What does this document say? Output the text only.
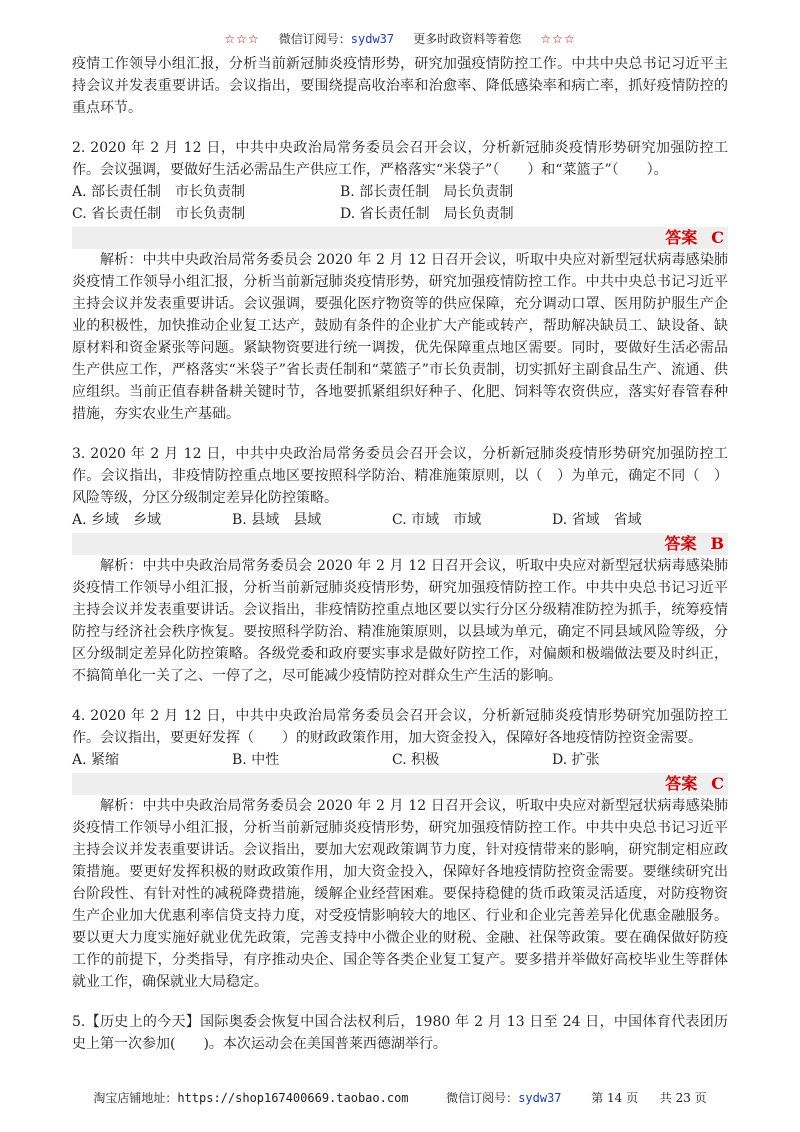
☆☆☆ 微信订阅号：sydw37 更多时政资料等着您 ☆☆☆

疫情工作领导小组汇报，分析当前新冠肺炎疫情形势，研究加强疫情防控工作。中共中央总书记习近平主持会议并发表重要讲话。会议指出，要围绕提高收治率和治愈率、降低感染率和病亡率，抓好疫情防控的重点环节。

2. 2020 年 2 月 12 日，中共中央政治局常务委员会召开会议，分析新冠肺炎疫情形势研究加强防控工作。会议强调，要做好生活必需品生产供应工作，严格落实“米袋子”（　　）和“菜篮子”（　　）。

A. 部长责任制　市长负责制	B. 部长责任制　局长负责制
C. 省长责任制　市长负责制	D. 省长责任制　局长负责制
答案 C

解析：中共中央政治局常务委员会 2020 年 2 月 12 日召开会议，听取中央应对新型冠状病毒感染肺炎疫情工作领导小组汇报，分析当前新冠肺炎疫情形势，研究加强疫情防控工作。中共中央总书记习近平主持会议并发表重要讲话。会议强调，要强化医疗物资等的供应保障，充分调动口罩、医用防护服生产企业的积极性，加快推动企业复工达产，鼓励有条件的企业扩大产能或转产，帮助解决缺员工、缺设备、缺原材料和资金紧张等问题。紧缺物资要进行统一调拨，优先保障重点地区需要。同时，要做好生活必需品生产供应工作，严格落实“米袋子”省长责任制和“菜篮子”市长负责制，切实抓好主副食品生产、流通、供应组织。当前正值春耕备耕关键时节，各地要抓紧组织好种子、化肥、饲料等农资供应，落实好春管春种措施，夯实农业生产基础。

3. 2020 年 2 月 12 日，中共中央政治局常务委员会召开会议，分析新冠肺炎疫情形势研究加强防控工作。会议指出，非疫情防控重点地区要按照科学防治、精准施策原则，以（　）为单元，确定不同（　）风险等级，分区分级制定差异化防控策略。

A. 乡域　乡域	B. 县域　县域	C. 市域　市域	D. 省域　省域
答案 B

解析：中共中央政治局常务委员会 2020 年 2 月 12 日召开会议，听取中央应对新型冠状病毒感染肺炎疫情工作领导小组汇报，分析当前新冠肺炎疫情形势，研究加强疫情防控工作。中共中央总书记习近平主持会议并发表重要讲话。会议指出，非疫情防控重点地区要以实行分区分级精准防控为抓手，统筹疫情防控与经济社会秩序恢复。要按照科学防治、精准施策原则，以县域为单元，确定不同县域风险等级，分区分级制定差异化防控策略。各级党委和政府要实事求是做好防控工作，对偏颇和极端做法要及时纠正，不搞简单化一关了之、一停了之，尽可能减少疫情防控对群众生产生活的影响。

4. 2020 年 2 月 12 日，中共中央政治局常务委员会召开会议，分析新冠肺炎疫情形势研究加强防控工作。会议指出，要更好发挥（　　）的财政政策作用，加大资金投入，保障好各地疫情防控资金需要。

A. 紧缩	B. 中性	C. 积极	D. 扩张
答案 C

解析：中共中央政治局常务委员会 2020 年 2 月 12 日召开会议，听取中央应对新型冠状病毒感染肺炎疫情工作领导小组汇报，分析当前新冠肺炎疫情形势，研究加强疫情防控工作。中共中央总书记习近平主持会议并发表重要讲话。会议指出，要加大宏观政策调节力度，针对疫情带来的影响，研究制定相应政策措施。要更好发挥积极的财政政策作用，加大资金投入，保障好各地疫情防控资金需要。要继续研究出台阶段性、有针对性的减税降费措施，缓解企业经营困难。要保持稳健的货币政策灵活适度，对防疫物资生产企业加大优惠利率信贷支持力度，对受疫情影响较大的地区、行业和企业完善差异化优惠金融服务。要以更大力度实施好就业优先政策，完善支持中小微企业的财税、金融、社保等政策。要在确保做好防疫工作的前提下，分类指导，有序推动央企、国企等各类企业复工复产。要多措并举做好高校毕业生等群体就业工作，确保就业大局稳定。

5.【历史上的今天】国际奥委会恢复中国合法权利后，1980 年 2 月 13 日至 24 日，中国体育代表团历史上第一次参加(　　)。本次运动会在美国普莱西德湖举行。

淘宝店铺地址：https://shop167400669.taobao.com	微信订阅号：sydw37 第 14 页 共 23 页
